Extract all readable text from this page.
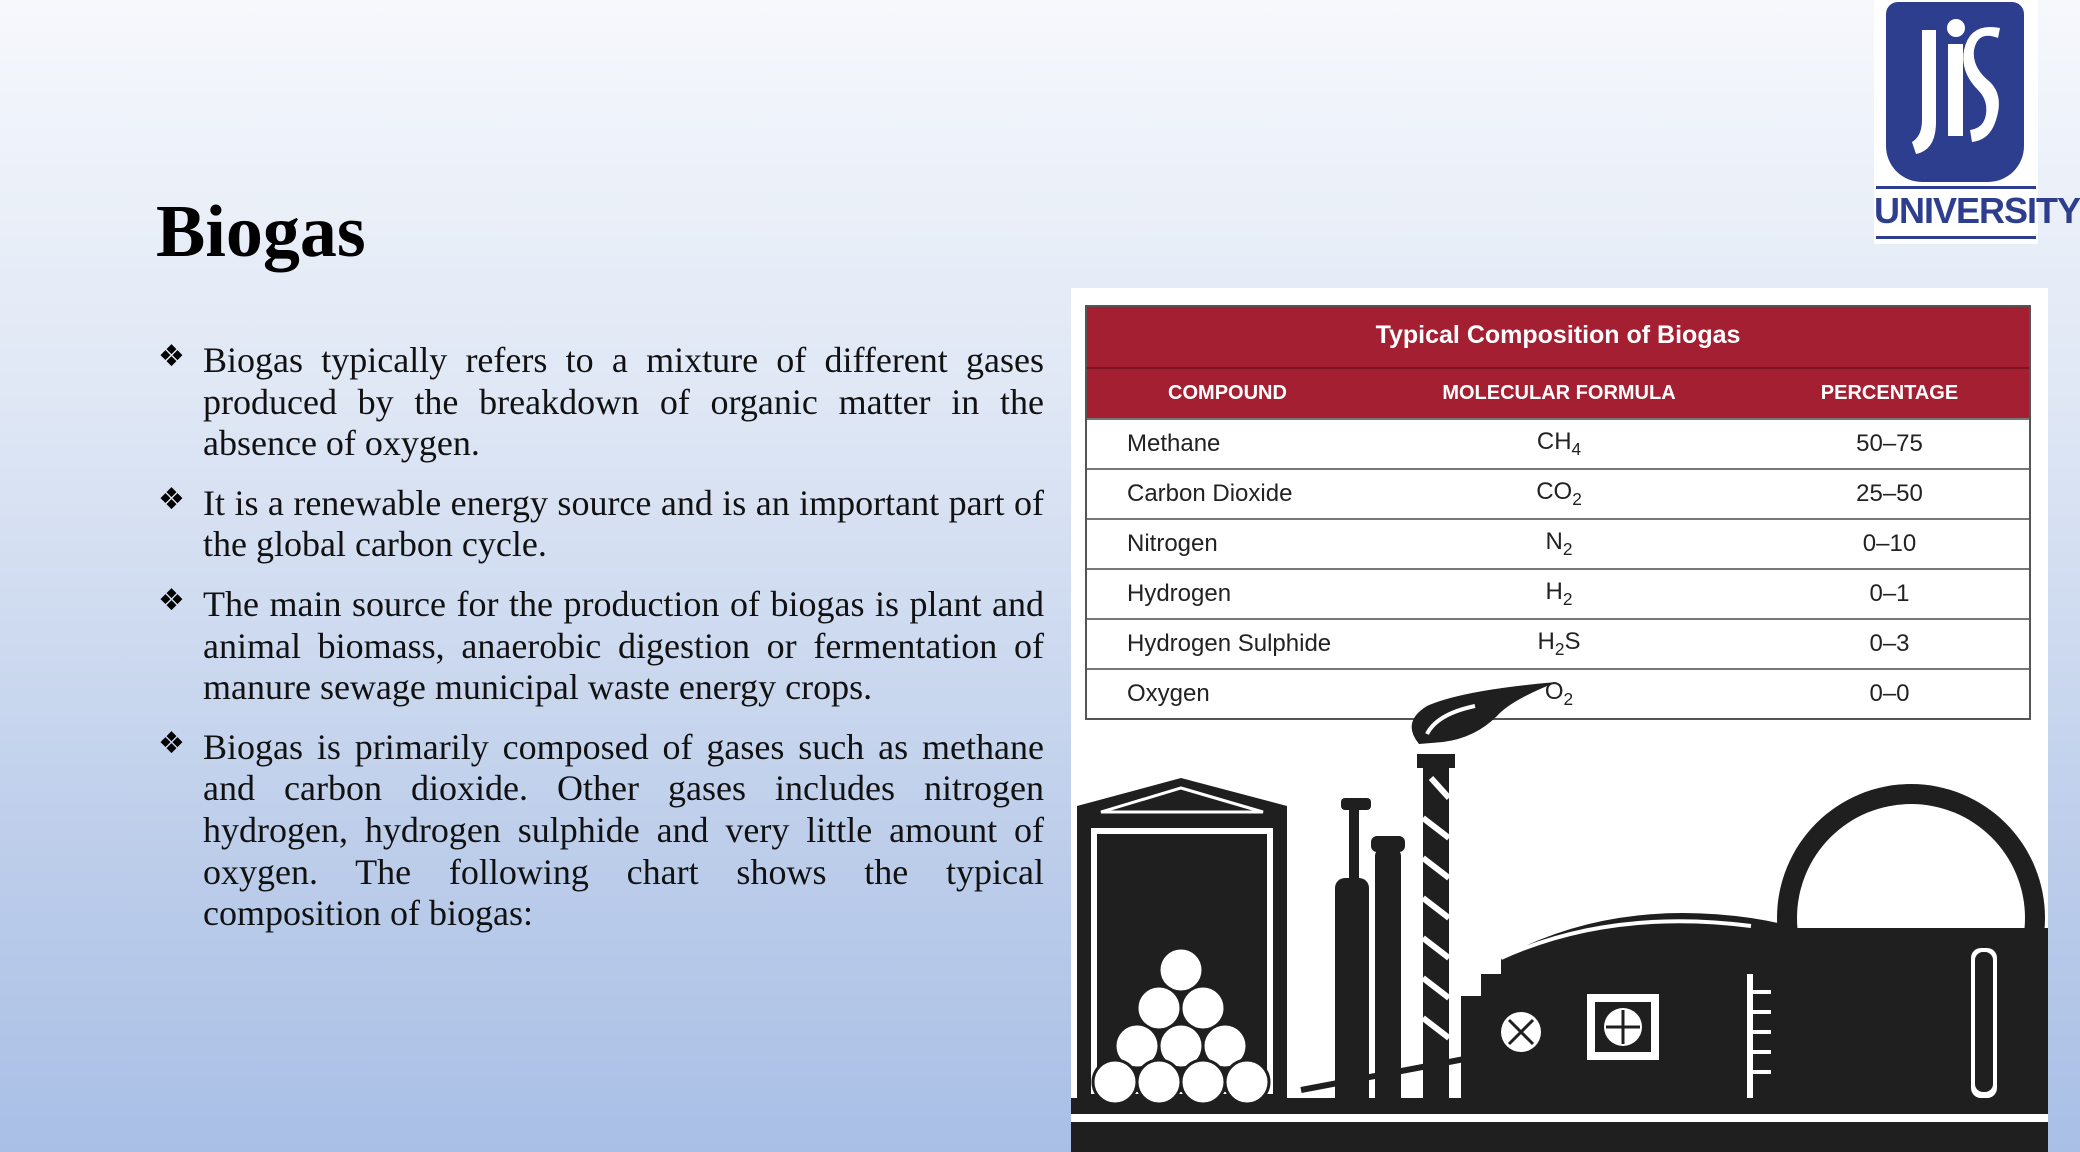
UNIVERSITY
Biogas
❖ Biogas typically refers to a mixture of different gases produced by the breakdown of organic matter in the absence of oxygen.
❖ It is a renewable energy source and is an important part of the global carbon cycle.
❖ The main source for the production of biogas is plant and animal biomass, anaerobic digestion or fermentation of manure sewage municipal waste energy crops.
❖ Biogas is primarily composed of gases such as methane and carbon dioxide. Other gases includes nitrogen hydrogen, hydrogen sulphide and very little amount of oxygen. The following chart shows the typical composition of biogas:
Typical Composition of Biogas
COMPOUND	MOLECULAR FORMULA	PERCENTAGE
Methane	$CH_4$	50–75
Carbon Dioxide	$CO_2$	25–50
Nitrogen	$N_2$	0–10
Hydrogen	$H_2$	0–1
Hydrogen Sulphide	$H_2S$	0–3
Oxygen	$O_2$	0–0
